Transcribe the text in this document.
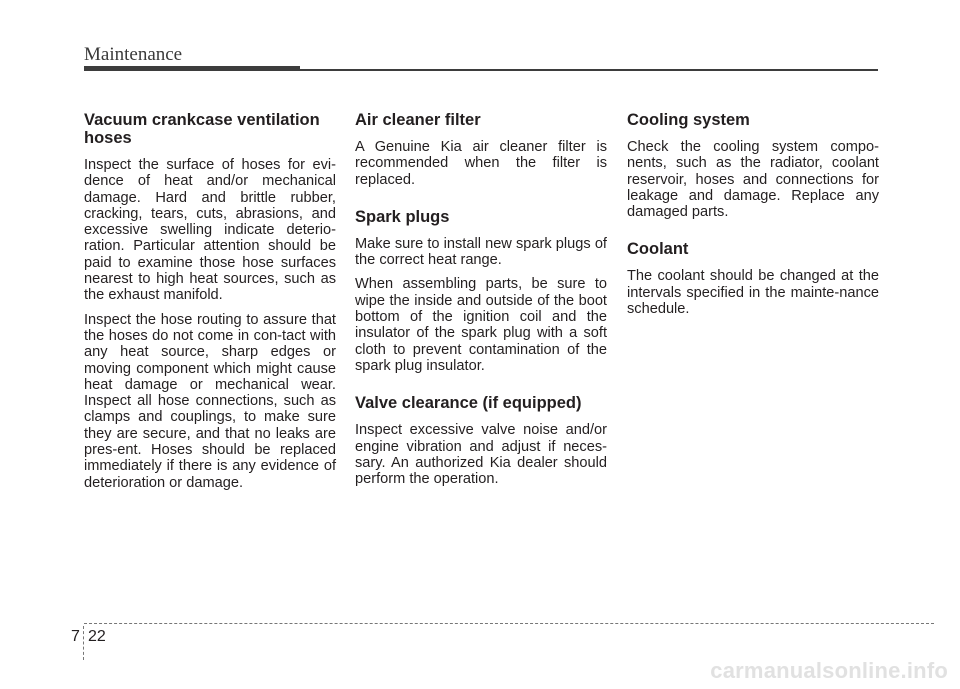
Maintenance
Vacuum crankcase ventilation hoses

Inspect the surface of hoses for evi-dence of heat and/or mechanical damage. Hard and brittle rubber, cracking, tears, cuts, abrasions, and excessive swelling indicate deterio-ration. Particular attention should be paid to examine those hose surfaces nearest to high heat sources, such as the exhaust manifold.

Inspect the hose routing to assure that the hoses do not come in con-tact with any heat source, sharp edges or moving component which might cause heat damage or mechanical wear. Inspect all hose connections, such as clamps and couplings, to make sure they are secure, and that no leaks are pres-ent. Hoses should be replaced immediately if there is any evidence of deterioration or damage.

Air cleaner filter

A Genuine Kia air cleaner filter is recommended when the filter is replaced.

Spark plugs

Make sure to install new spark plugs of the correct heat range.

When assembling parts, be sure to wipe the inside and outside of the boot bottom of the ignition coil and the insulator of the spark plug with a soft cloth to prevent contamination of the spark plug insulator.

Valve clearance (if equipped)

Inspect excessive valve noise and/or engine vibration and adjust if neces-sary. An authorized Kia dealer should perform the operation.

Cooling system

Check the cooling system compo-nents, such as the radiator, coolant reservoir, hoses and connections for leakage and damage. Replace any damaged parts.

Coolant

The coolant should be changed at the intervals specified in the mainte-nance schedule.

7 22
carmanualsonline.info
